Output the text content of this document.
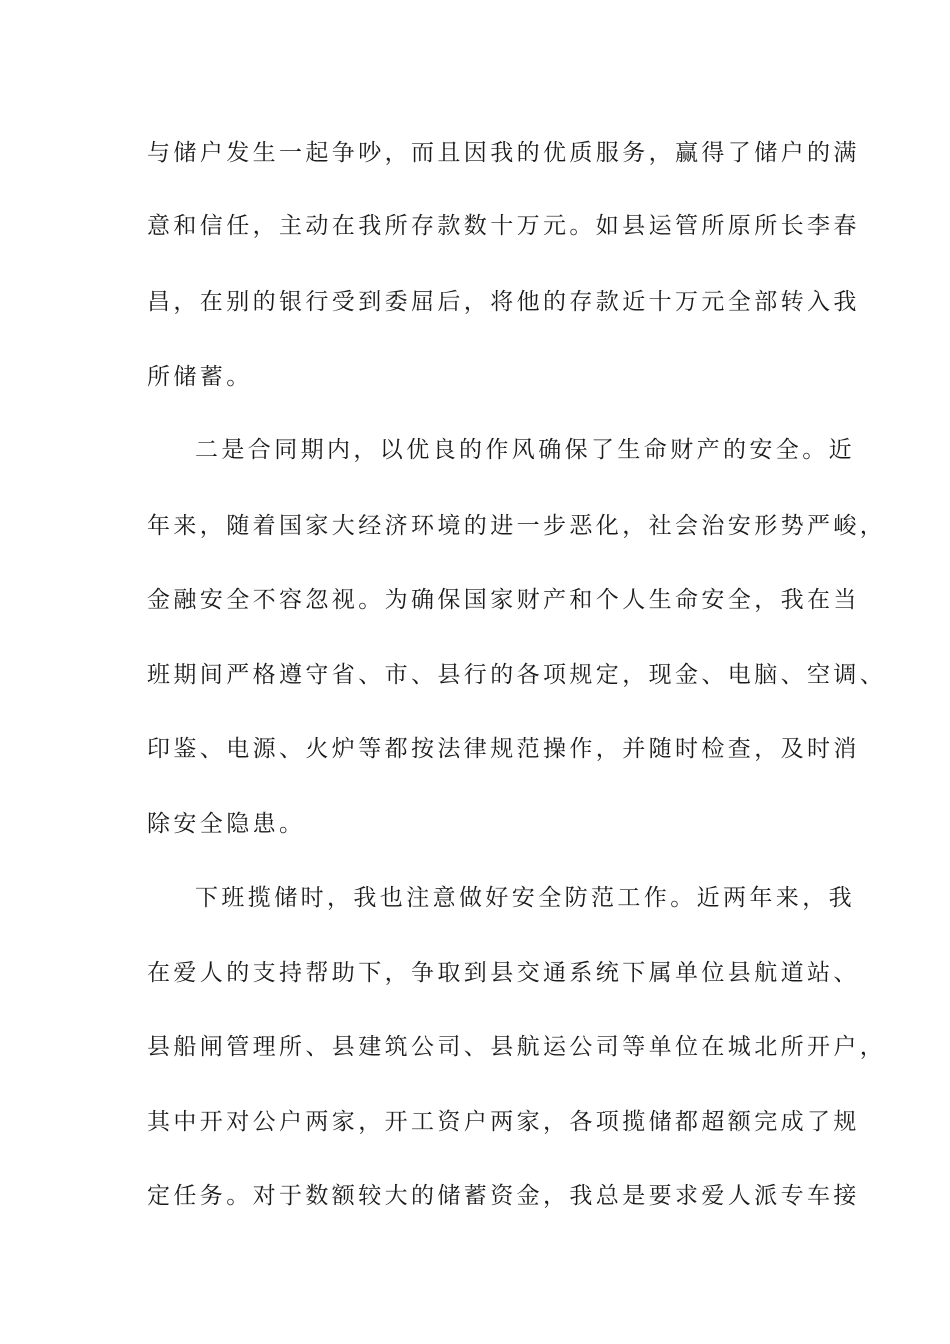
与储户发生一起争吵，而且因我的优质服务，赢得了储户的满
意和信任，主动在我所存款数十万元。如县运管所原所长李春
昌，在别的银行受到委屈后，将他的存款近十万元全部转入我
所储蓄。
二是合同期内，以优良的作风确保了生命财产的安全。近
年来，随着国家大经济环境的进一步恶化，社会治安形势严峻，
金融安全不容忽视。为确保国家财产和个人生命安全，我在当
班期间严格遵守省、市、县行的各项规定，现金、电脑、空调、
印鉴、电源、火炉等都按法律规范操作，并随时检查，及时消
除安全隐患。
下班揽储时，我也注意做好安全防范工作。近两年来，我
在爱人的支持帮助下，争取到县交通系统下属单位县航道站、
县船闸管理所、县建筑公司、县航运公司等单位在城北所开户，
其中开对公户两家，开工资户两家，各项揽储都超额完成了规
定任务。对于数额较大的储蓄资金，我总是要求爱人派专车接
